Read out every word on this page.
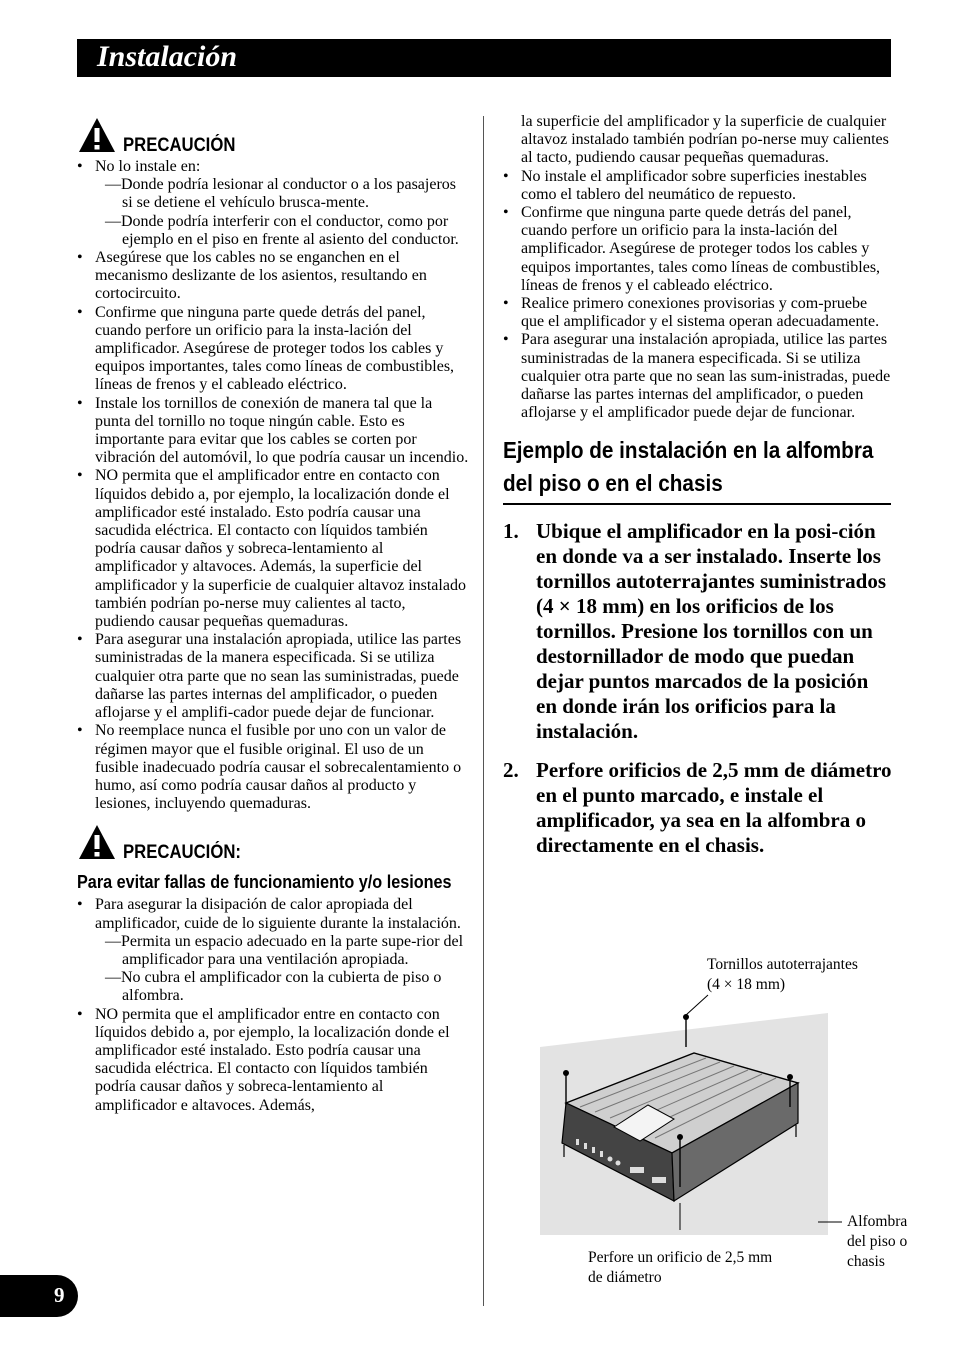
Instalación
PRECAUCIÓN
• No lo instale en:
—Donde podría lesionar al conductor o a los pasajeros si se detiene el vehículo brusca-mente.
—Donde podría interferir con el conductor, como por ejemplo en el piso en frente al asiento del conductor.
• Asegúrese que los cables no se enganchen en el mecanismo deslizante de los asientos, resultando en cortocircuito.
• Confirme que ninguna parte quede detrás del panel, cuando perfore un orificio para la insta-lación del amplificador. Asegúrese de proteger todos los cables y equipos importantes, tales como líneas de combustibles, líneas de frenos y el cableado eléctrico.
• Instale los tornillos de conexión de manera tal que la punta del tornillo no toque ningún cable. Esto es importante para evitar que los cables se corten por vibración del automóvil, lo que podría causar un incendio.
• NO permita que el amplificador entre en contacto con líquidos debido a, por ejemplo, la localización donde el amplificador esté instalado. Esto podría causar una sacudida eléctrica. El contacto con líquidos también podría causar daños y sobreca-lentamiento al amplificador y altavoces. Además, la superficie del amplificador y la superficie de cualquier altavoz instalado también podrían po-nerse muy calientes al tacto, pudiendo causar pequeñas quemaduras.
• Para asegurar una instalación apropiada, utilice las partes suministradas de la manera especificada. Si se utiliza cualquier otra parte que no sean las suministradas, puede dañarse las partes internas del amplificador, o pueden aflojarse y el amplifi-cador puede dejar de funcionar.
• No reemplace nunca el fusible por uno con un valor de régimen mayor que el fusible original. El uso de un fusible inadecuado podría causar el sobrecalentamiento o humo, así como podría causar daños al producto y lesiones, incluyendo quemaduras.
PRECAUCIÓN:
Para evitar fallas de funcionamiento y/o lesiones
• Para asegurar la disipación de calor apropiada del amplificador, cuide de lo siguiente durante la instalación.
—Permita un espacio adecuado en la parte supe-rior del amplificador para una ventilación apropiada.
—No cubra el amplificador con la cubierta de piso o alfombra.
• NO permita que el amplificador entre en contacto con líquidos debido a, por ejemplo, la localización donde el amplificador esté instalado. Esto podría causar una sacudida eléctrica. El contacto con líquidos también podría causar daños y sobreca-lentamiento al amplificador e altavoces. Además,
la superficie del amplificador y la superficie de cualquier altavoz instalado también podrían po-nerse muy calientes al tacto, pudiendo causar pequeñas quemaduras.
• No instale el amplificador sobre superficies inestables como el tablero del neumático de repuesto.
• Confirme que ninguna parte quede detrás del panel, cuando perfore un orificio para la insta-lación del amplificador. Asegúrese de proteger todos los cables y equipos importantes, tales como líneas de combustibles, líneas de frenos y el cableado eléctrico.
• Realice primero conexiones provisorias y com-pruebe que el amplificador y el sistema operan adecuadamente.
• Para asegurar una instalación apropiada, utilice las partes suministradas de la manera especificada. Si se utiliza cualquier otra parte que no sean las sum-inistradas, puede dañarse las partes internas del amplificador, o pueden aflojarse y el amplificador puede dejar de funcionar.
Ejemplo de instalación en la alfombra del piso o en el chasis
1. Ubique el amplificador en la posi-ción en donde va a ser instalado. Inserte los tornillos autoterrajantes suministrados (4 × 18 mm) en los orificios de los tornillos. Presione los tornillos con un destornillador de modo que puedan dejar puntos marcados de la posición en donde irán los orificios para la instalación.
2. Perfore orificios de 2,5 mm de diámetro en el punto marcado, e instale el amplificador, ya sea en la alfombra o directamente en el chasis.
Tornillos autoterrajantes
(4 × 18 mm)
Perfore un orificio de 2,5 mm
de diámetro
Alfombra
del piso o
chasis
9
